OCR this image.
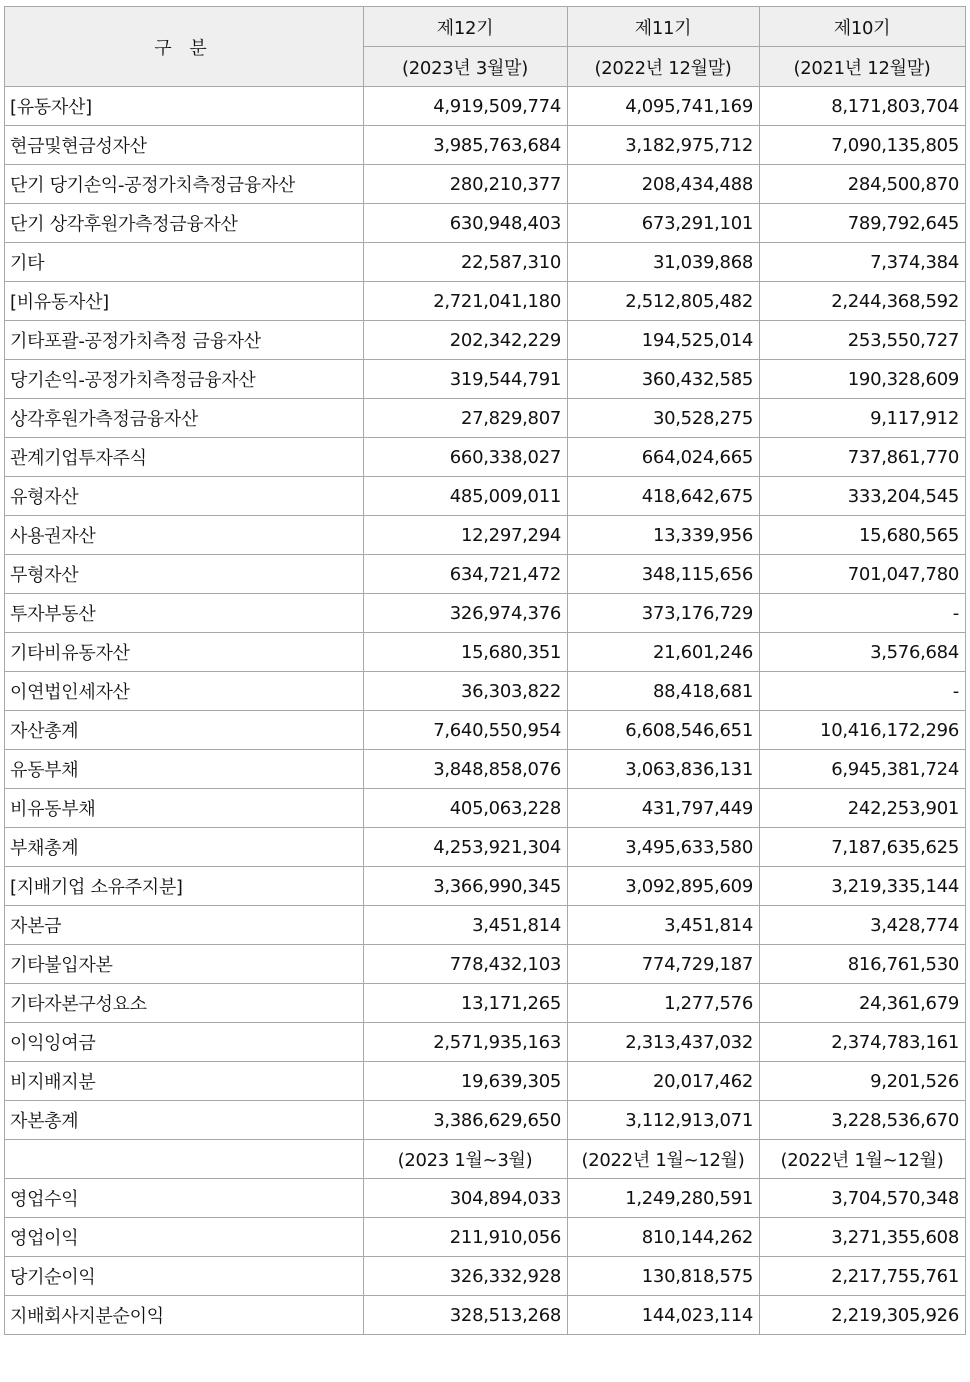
구 분	제12기	제11기	제10기
	(2023년 3월말)	(2022년 12월말)	(2021년 12월말)
[유동자산]	4,919,509,774	4,095,741,169	8,171,803,704
현금및현금성자산	3,985,763,684	3,182,975,712	7,090,135,805
단기 당기손익-공정가치측정금융자산	280,210,377	208,434,488	284,500,870
단기 상각후원가측정금융자산	630,948,403	673,291,101	789,792,645
기타	22,587,310	31,039,868	7,374,384
[비유동자산]	2,721,041,180	2,512,805,482	2,244,368,592
기타포괄-공정가치측정 금융자산	202,342,229	194,525,014	253,550,727
당기손익-공정가치측정금융자산	319,544,791	360,432,585	190,328,609
상각후원가측정금융자산	27,829,807	30,528,275	9,117,912
관계기업투자주식	660,338,027	664,024,665	737,861,770
유형자산	485,009,011	418,642,675	333,204,545
사용권자산	12,297,294	13,339,956	15,680,565
무형자산	634,721,472	348,115,656	701,047,780
투자부동산	326,974,376	373,176,729	-
기타비유동자산	15,680,351	21,601,246	3,576,684
이연법인세자산	36,303,822	88,418,681	-
자산총계	7,640,550,954	6,608,546,651	10,416,172,296
유동부채	3,848,858,076	3,063,836,131	6,945,381,724
비유동부채	405,063,228	431,797,449	242,253,901
부채총계	4,253,921,304	3,495,633,580	7,187,635,625
[지배기업 소유주지분]	3,366,990,345	3,092,895,609	3,219,335,144
자본금	3,451,814	3,451,814	3,428,774
기타불입자본	778,432,103	774,729,187	816,761,530
기타자본구성요소	13,171,265	1,277,576	24,361,679
이익잉여금	2,571,935,163	2,313,437,032	2,374,783,161
비지배지분	19,639,305	20,017,462	9,201,526
자본총계	3,386,629,650	3,112,913,071	3,228,536,670
	(2023 1월~3월)	(2022년 1월~12월)	(2022년 1월~12월)
영업수익	304,894,033	1,249,280,591	3,704,570,348
영업이익	211,910,056	810,144,262	3,271,355,608
당기순이익	326,332,928	130,818,575	2,217,755,761
지배회사지분순이익	328,513,268	144,023,114	2,219,305,926
